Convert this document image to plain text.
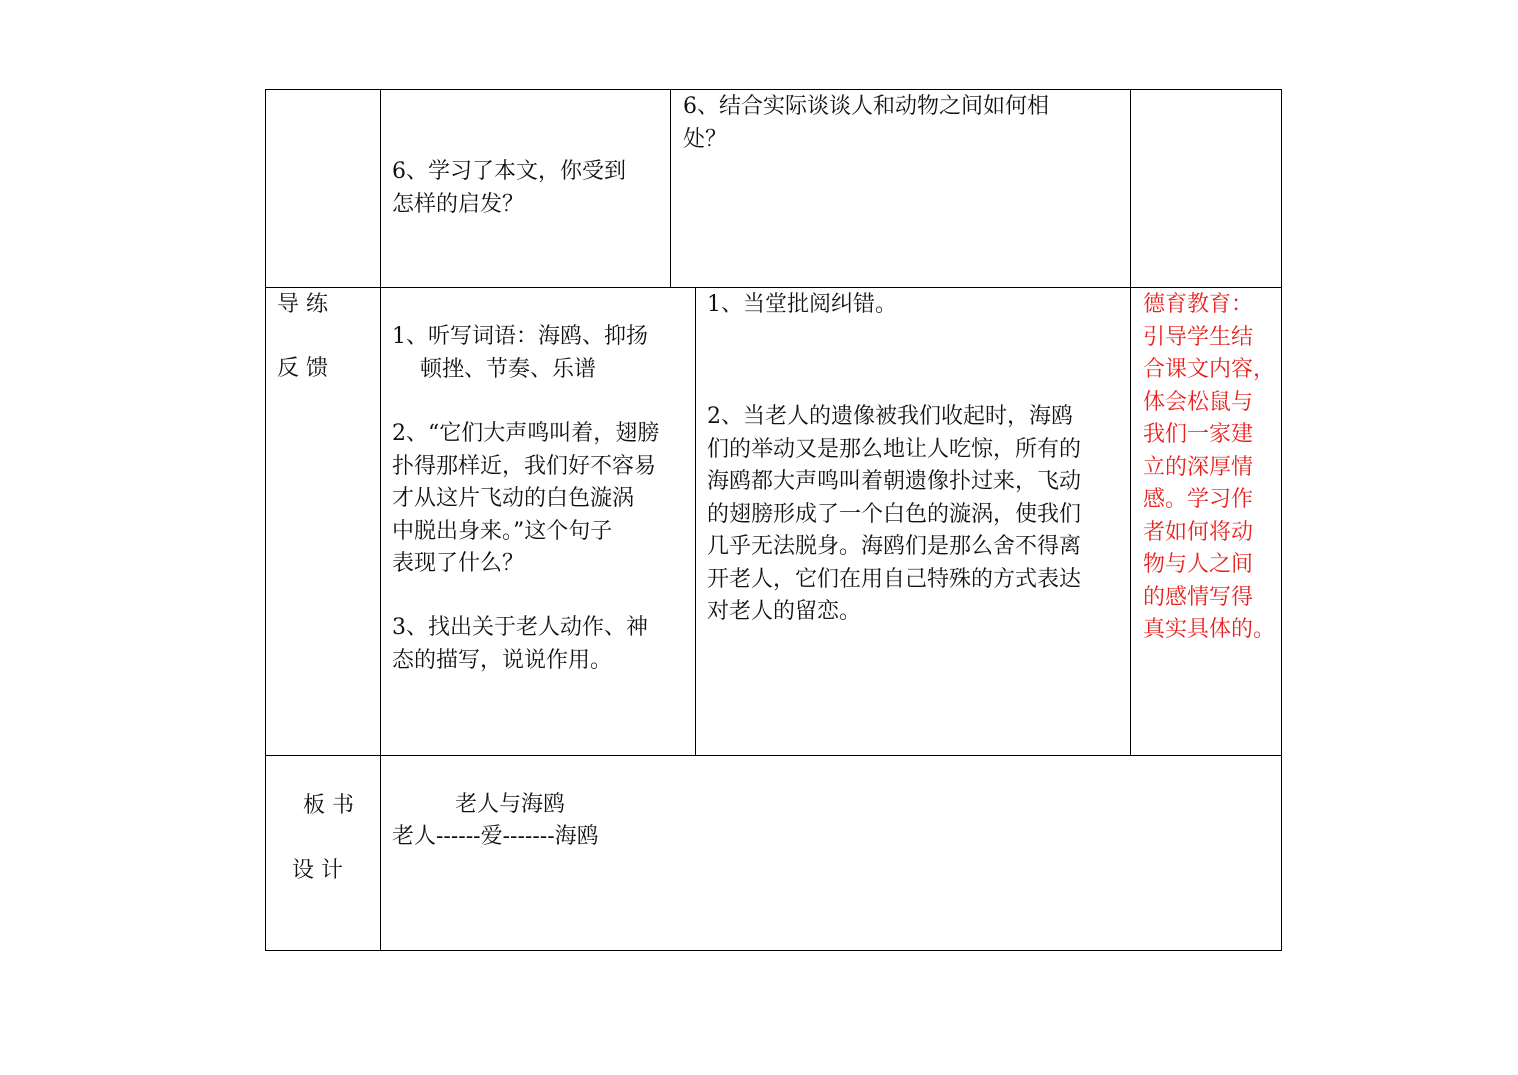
6、学习了本文，你受到
怎样的启发？

6、结合实际谈谈人和动物之间如何相
处？

导 练
反 馈

1、听写词语：海鸥、抑扬
顿挫、节奏、乐谱

2、“它们大声鸣叫着，翅膀
扑得那样近，我们好不容易
才从这片飞动的白色漩涡
中脱出身来。”这个句子
表现了什么？

3、找出关于老人动作、神
态的描写，说说作用。

1、当堂批阅纠错。

2、当老人的遗像被我们收起时，海鸥
们的举动又是那么地让人吃惊，所有的
海鸥都大声鸣叫着朝遗像扑过来，飞动
的翅膀形成了一个白色的漩涡，使我们
几乎无法脱身。海鸥们是那么舍不得离
开老人，它们在用自己特殊的方式表达
对老人的留恋。

德育教育：
引导学生结
合课文内容，
体会松鼠与
我们一家建
立的深厚情
感。学习作
者如何将动
物与人之间
的感情写得
真实具体的。

板 书
设 计
老人与海鸥
老人------爱-------海鸥
